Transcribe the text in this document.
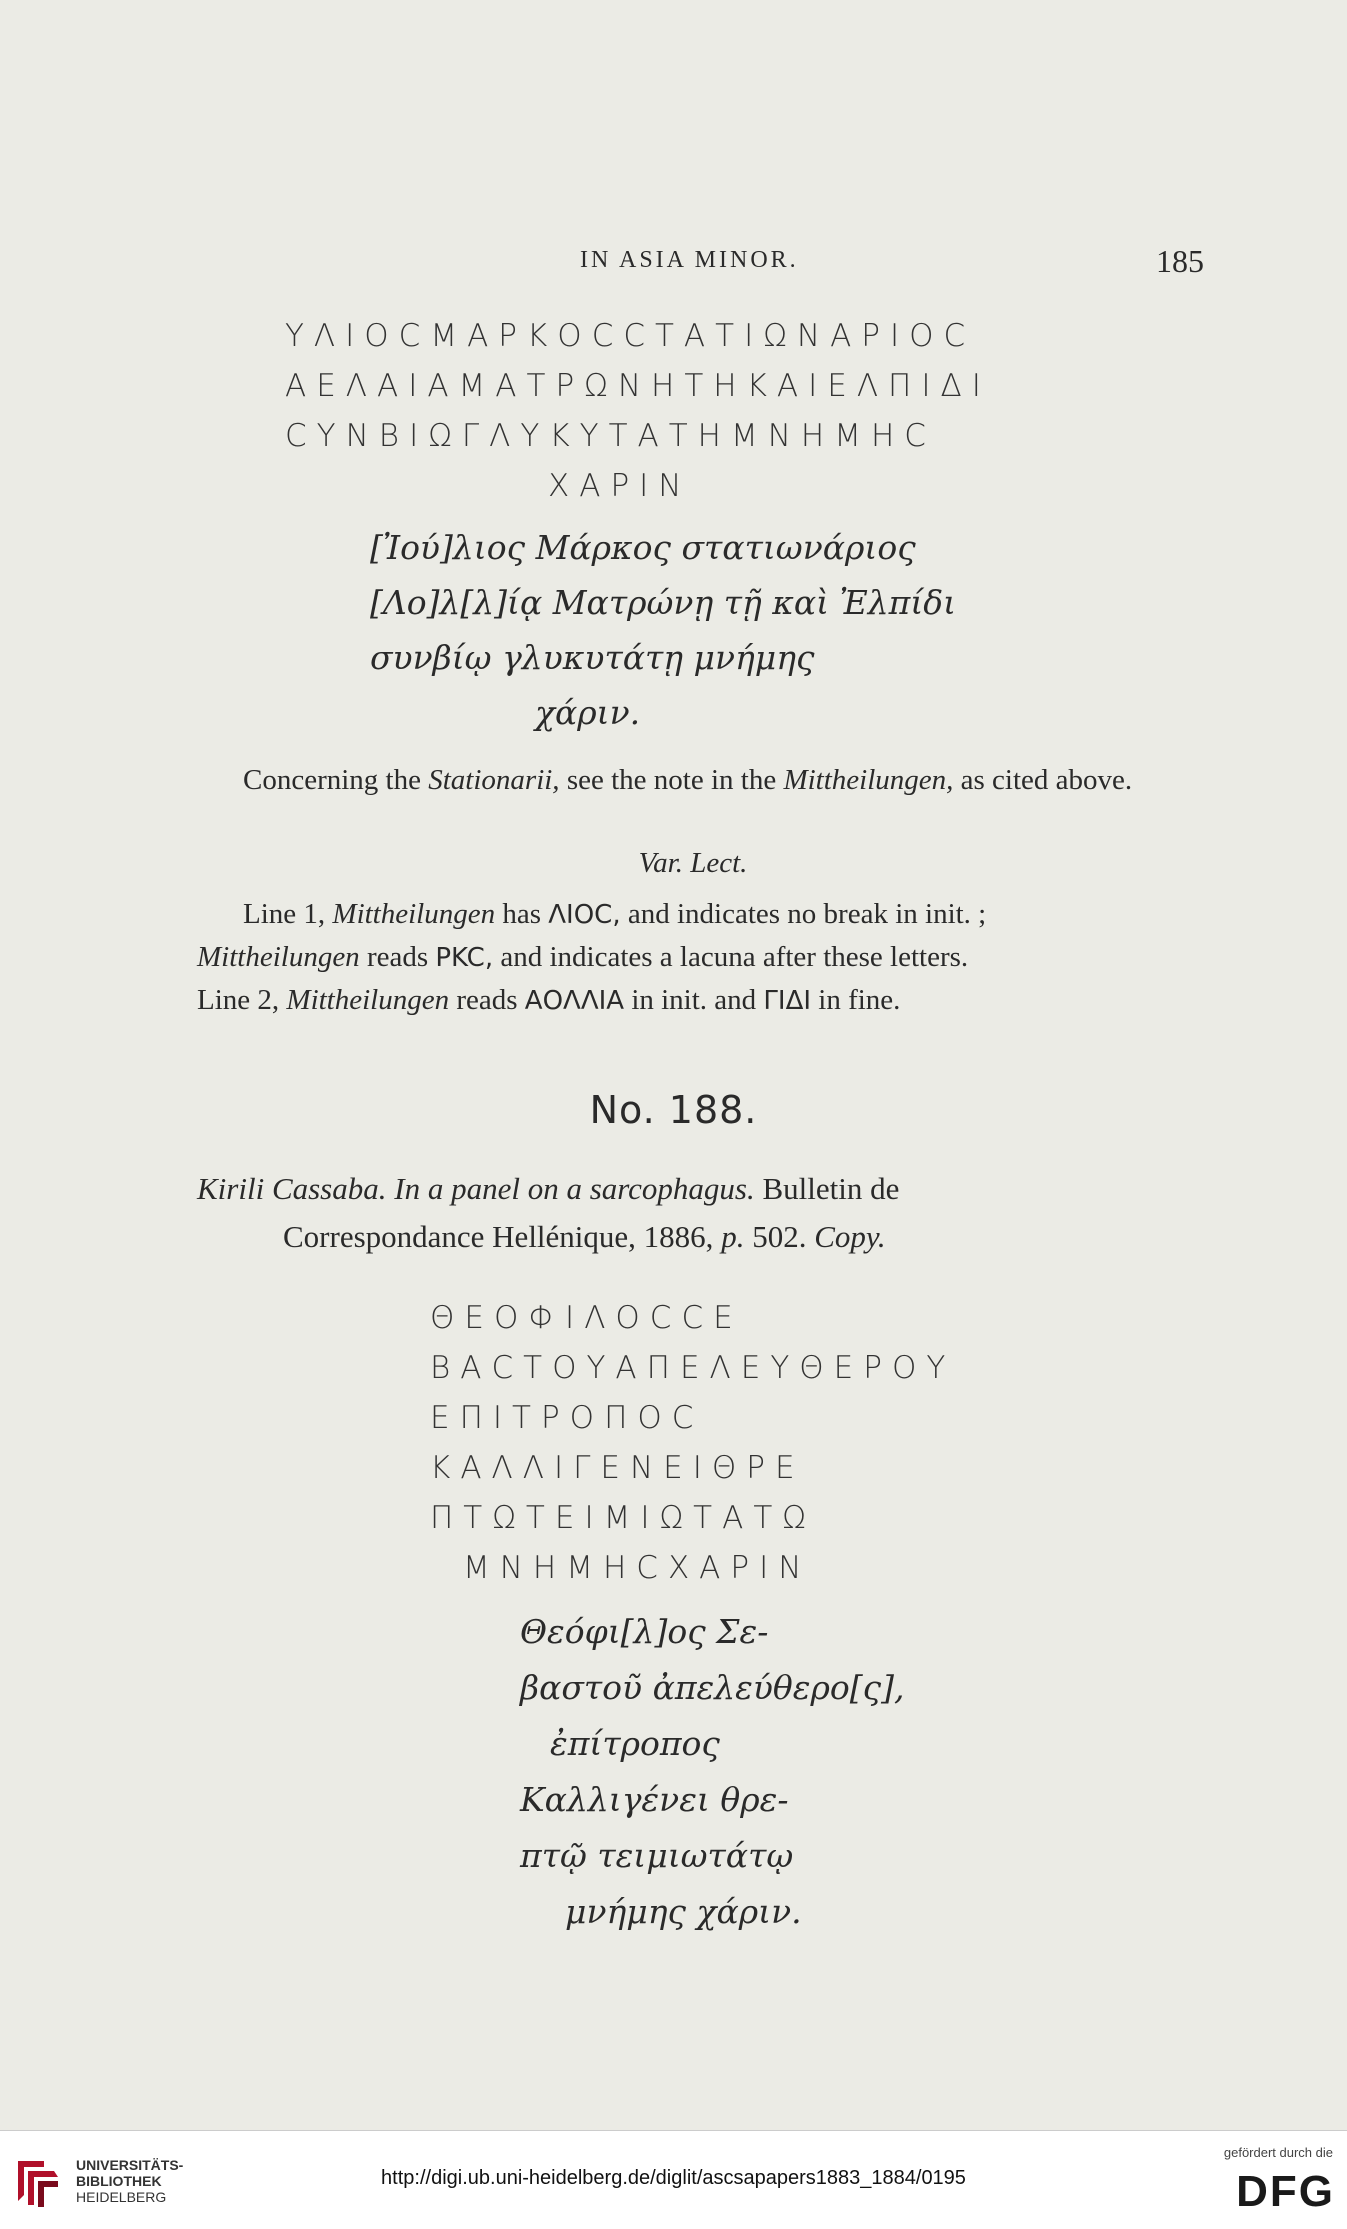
IN ASIA MINOR.	185
ΥΛΙΟCΜΑΡΚΟCCΤΑΤΙΩΝΑΡΙΟC
ΑΕΛΑΙΑΜΑΤΡΩΝΗΤΗΚΑΙΕΛΠΙΔΙ
CΥΝΒΙΩΓΛΥΚΥΤΑΤΗΜΝΗΜΗC
ΧΑΡΙΝ
[Ἰού]λιος Μάρκος στατιωνάριος
[Λο]λ[λ]ίᾳ Ματρώνῃ τῇ καὶ Ἐλπίδι
συνβίῳ γλυκυτάτῃ μνήμης
χάριν.
Concerning the Stationarii, see the note in the Mittheilungen, as cited above.
Var. Lect.
Line 1, Mittheilungen has ΛΙΟC, and indicates no break in init. ;
Mittheilungen reads PKC, and indicates a lacuna after these letters.
Line 2, Mittheilungen reads ΑΟΛΛΙΑ in init. and ΓΙΔΙ in fine.
No. 188.
Kirili Cassaba. In a panel on a sarcophagus. Bulletin de
Correspondance Hellénique, 1886, p. 502. Copy.
ΘΕΟΦΙΛΟCCΕ
ΒΑCΤΟΥΑΠΕΛΕΥΘΕΡΟΥ
ΕΠΙΤΡΟΠΟC
ΚΑΛΛΙΓΕΝΕΙΘΡΕ
ΠΤΩΤΕΙΜΙΩΤΑΤΩ
ΜΝΗΜΗCΧΑΡΙΝ
Θεόφι[λ]ος Σε-
βαστοῦ ἀπελεύθερο[ς],
ἐπίτροπος
Καλλιγένει θρε-
πτῷ τειμιωτάτῳ
μνήμης χάριν.
UNIVERSITÄTS-
BIBLIOTHEK
HEIDELBERG
http://digi.ub.uni-heidelberg.de/diglit/ascsapapers1883_1884/0195
gefördert durch die
DFG
